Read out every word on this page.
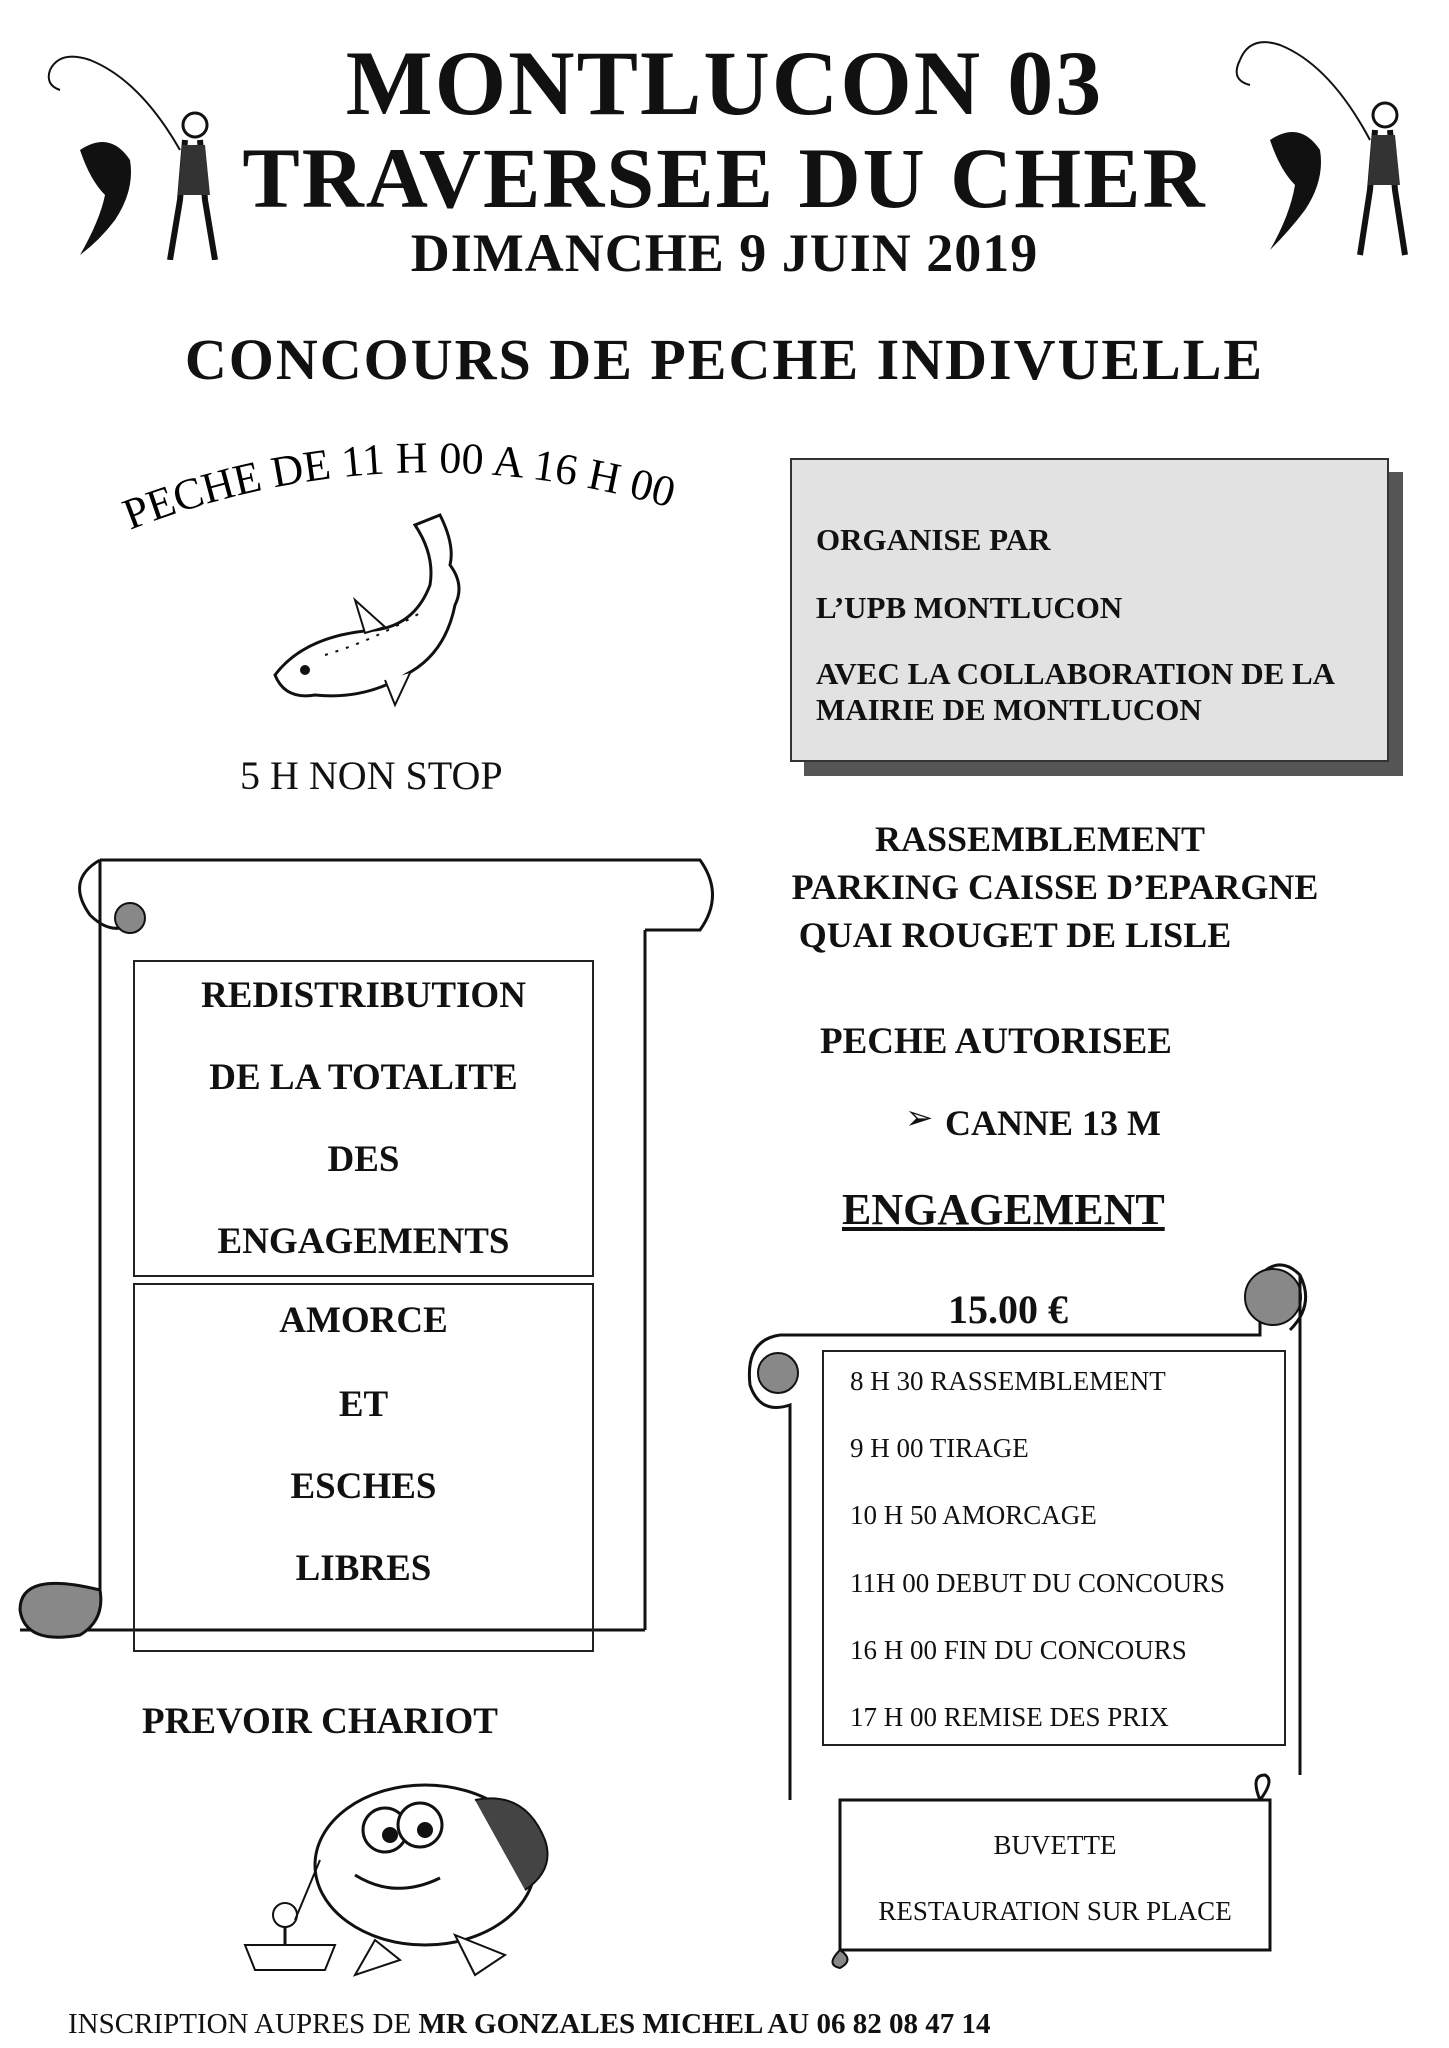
MONTLUCON 03
TRAVERSEE DU CHER
DIMANCHE 9 JUIN 2019
CONCOURS DE PECHE INDIVUELLE
PECHE DE 11 H 00 A 16 H 00
5 H NON STOP
ORGANISE PAR
L’UPB MONTLUCON
AVEC LA COLLABORATION DE LA
MAIRIE DE MONTLUCON
RASSEMBLEMENT
PARKING CAISSE D’EPARGNE
QUAI ROUGET DE LISLE
REDISTRIBUTION
DE LA TOTALITE
DES
ENGAGEMENTS
AMORCE
ET
ESCHES
LIBRES
PECHE AUTORISEE
➢ CANNE 13 M
ENGAGEMENT
15.00 €
8 H 30 RASSEMBLEMENT
9 H 00 TIRAGE
10 H 50 AMORCAGE
11H 00 DEBUT DU CONCOURS
16 H 00 FIN DU CONCOURS
17 H 00 REMISE DES PRIX
PREVOIR CHARIOT
BUVETTE
RESTAURATION SUR PLACE
INSCRIPTION AUPRES DE MR GONZALES MICHEL AU 06 82 08 47 14
